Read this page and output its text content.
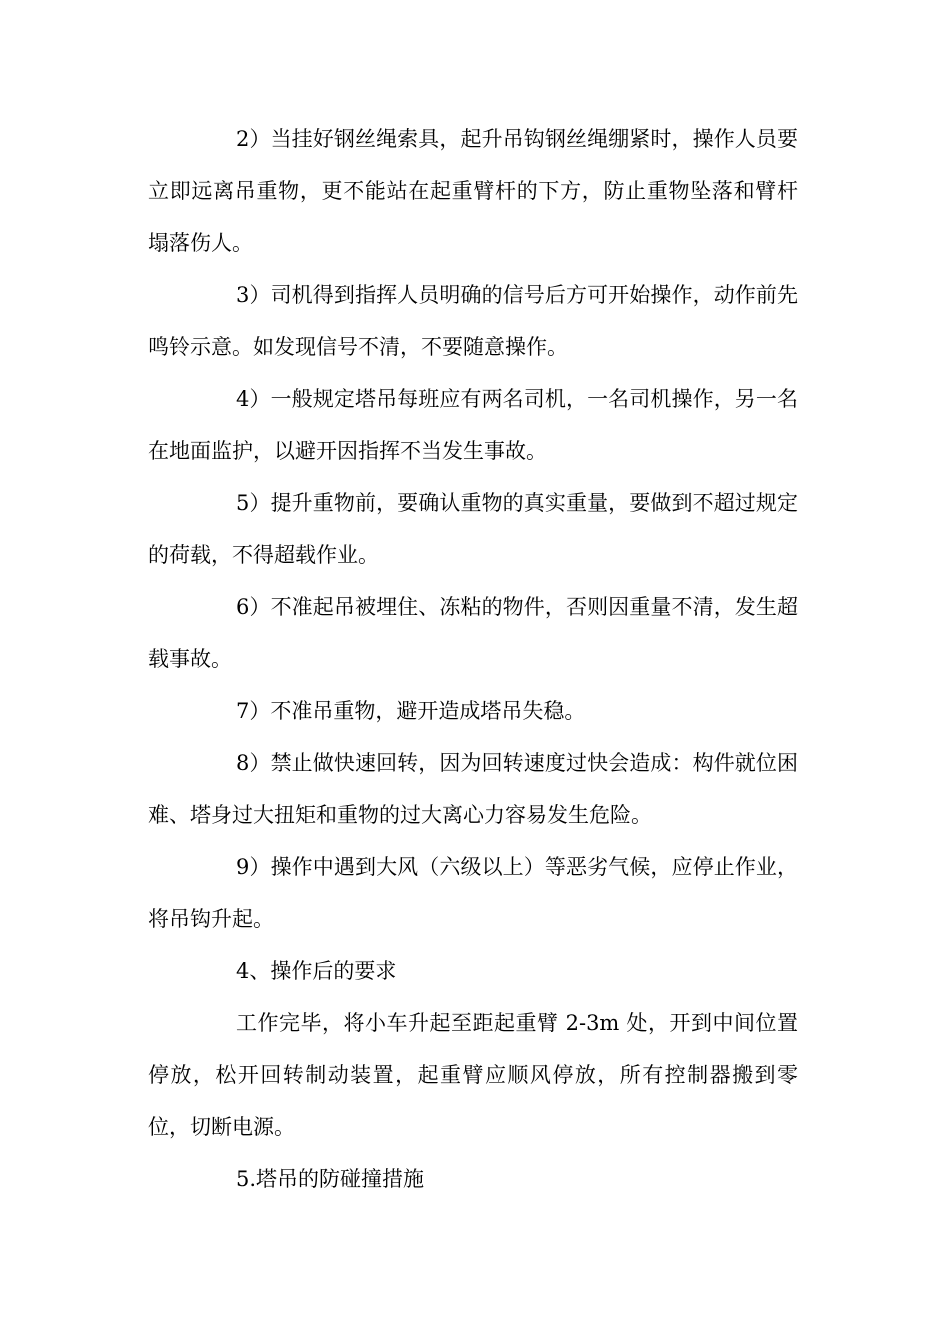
2）当挂好钢丝绳索具，起升吊钩钢丝绳绷紧时，操作人员要立即远离吊重物，更不能站在起重臂杆的下方，防止重物坠落和臂杆塌落伤人。

3）司机得到指挥人员明确的信号后方可开始操作，动作前先鸣铃示意。如发现信号不清，不要随意操作。

4）一般规定塔吊每班应有两名司机，一名司机操作，另一名在地面监护，以避开因指挥不当发生事故。

5）提升重物前，要确认重物的真实重量，要做到不超过规定的荷载，不得超载作业。

6）不准起吊被埋住、冻粘的物件，否则因重量不清，发生超载事故。

7）不准吊重物，避开造成塔吊失稳。

8）禁止做快速回转，因为回转速度过快会造成：构件就位困难、塔身过大扭矩和重物的过大离心力容易发生危险。

9）操作中遇到大风（六级以上）等恶劣气候，应停止作业，将吊钩升起。

4、操作后的要求

工作完毕，将小车升起至距起重臂 2-3m 处，开到中间位置停放，松开回转制动装置，起重臂应顺风停放，所有控制器搬到零位，切断电源。

5.塔吊的防碰撞措施
